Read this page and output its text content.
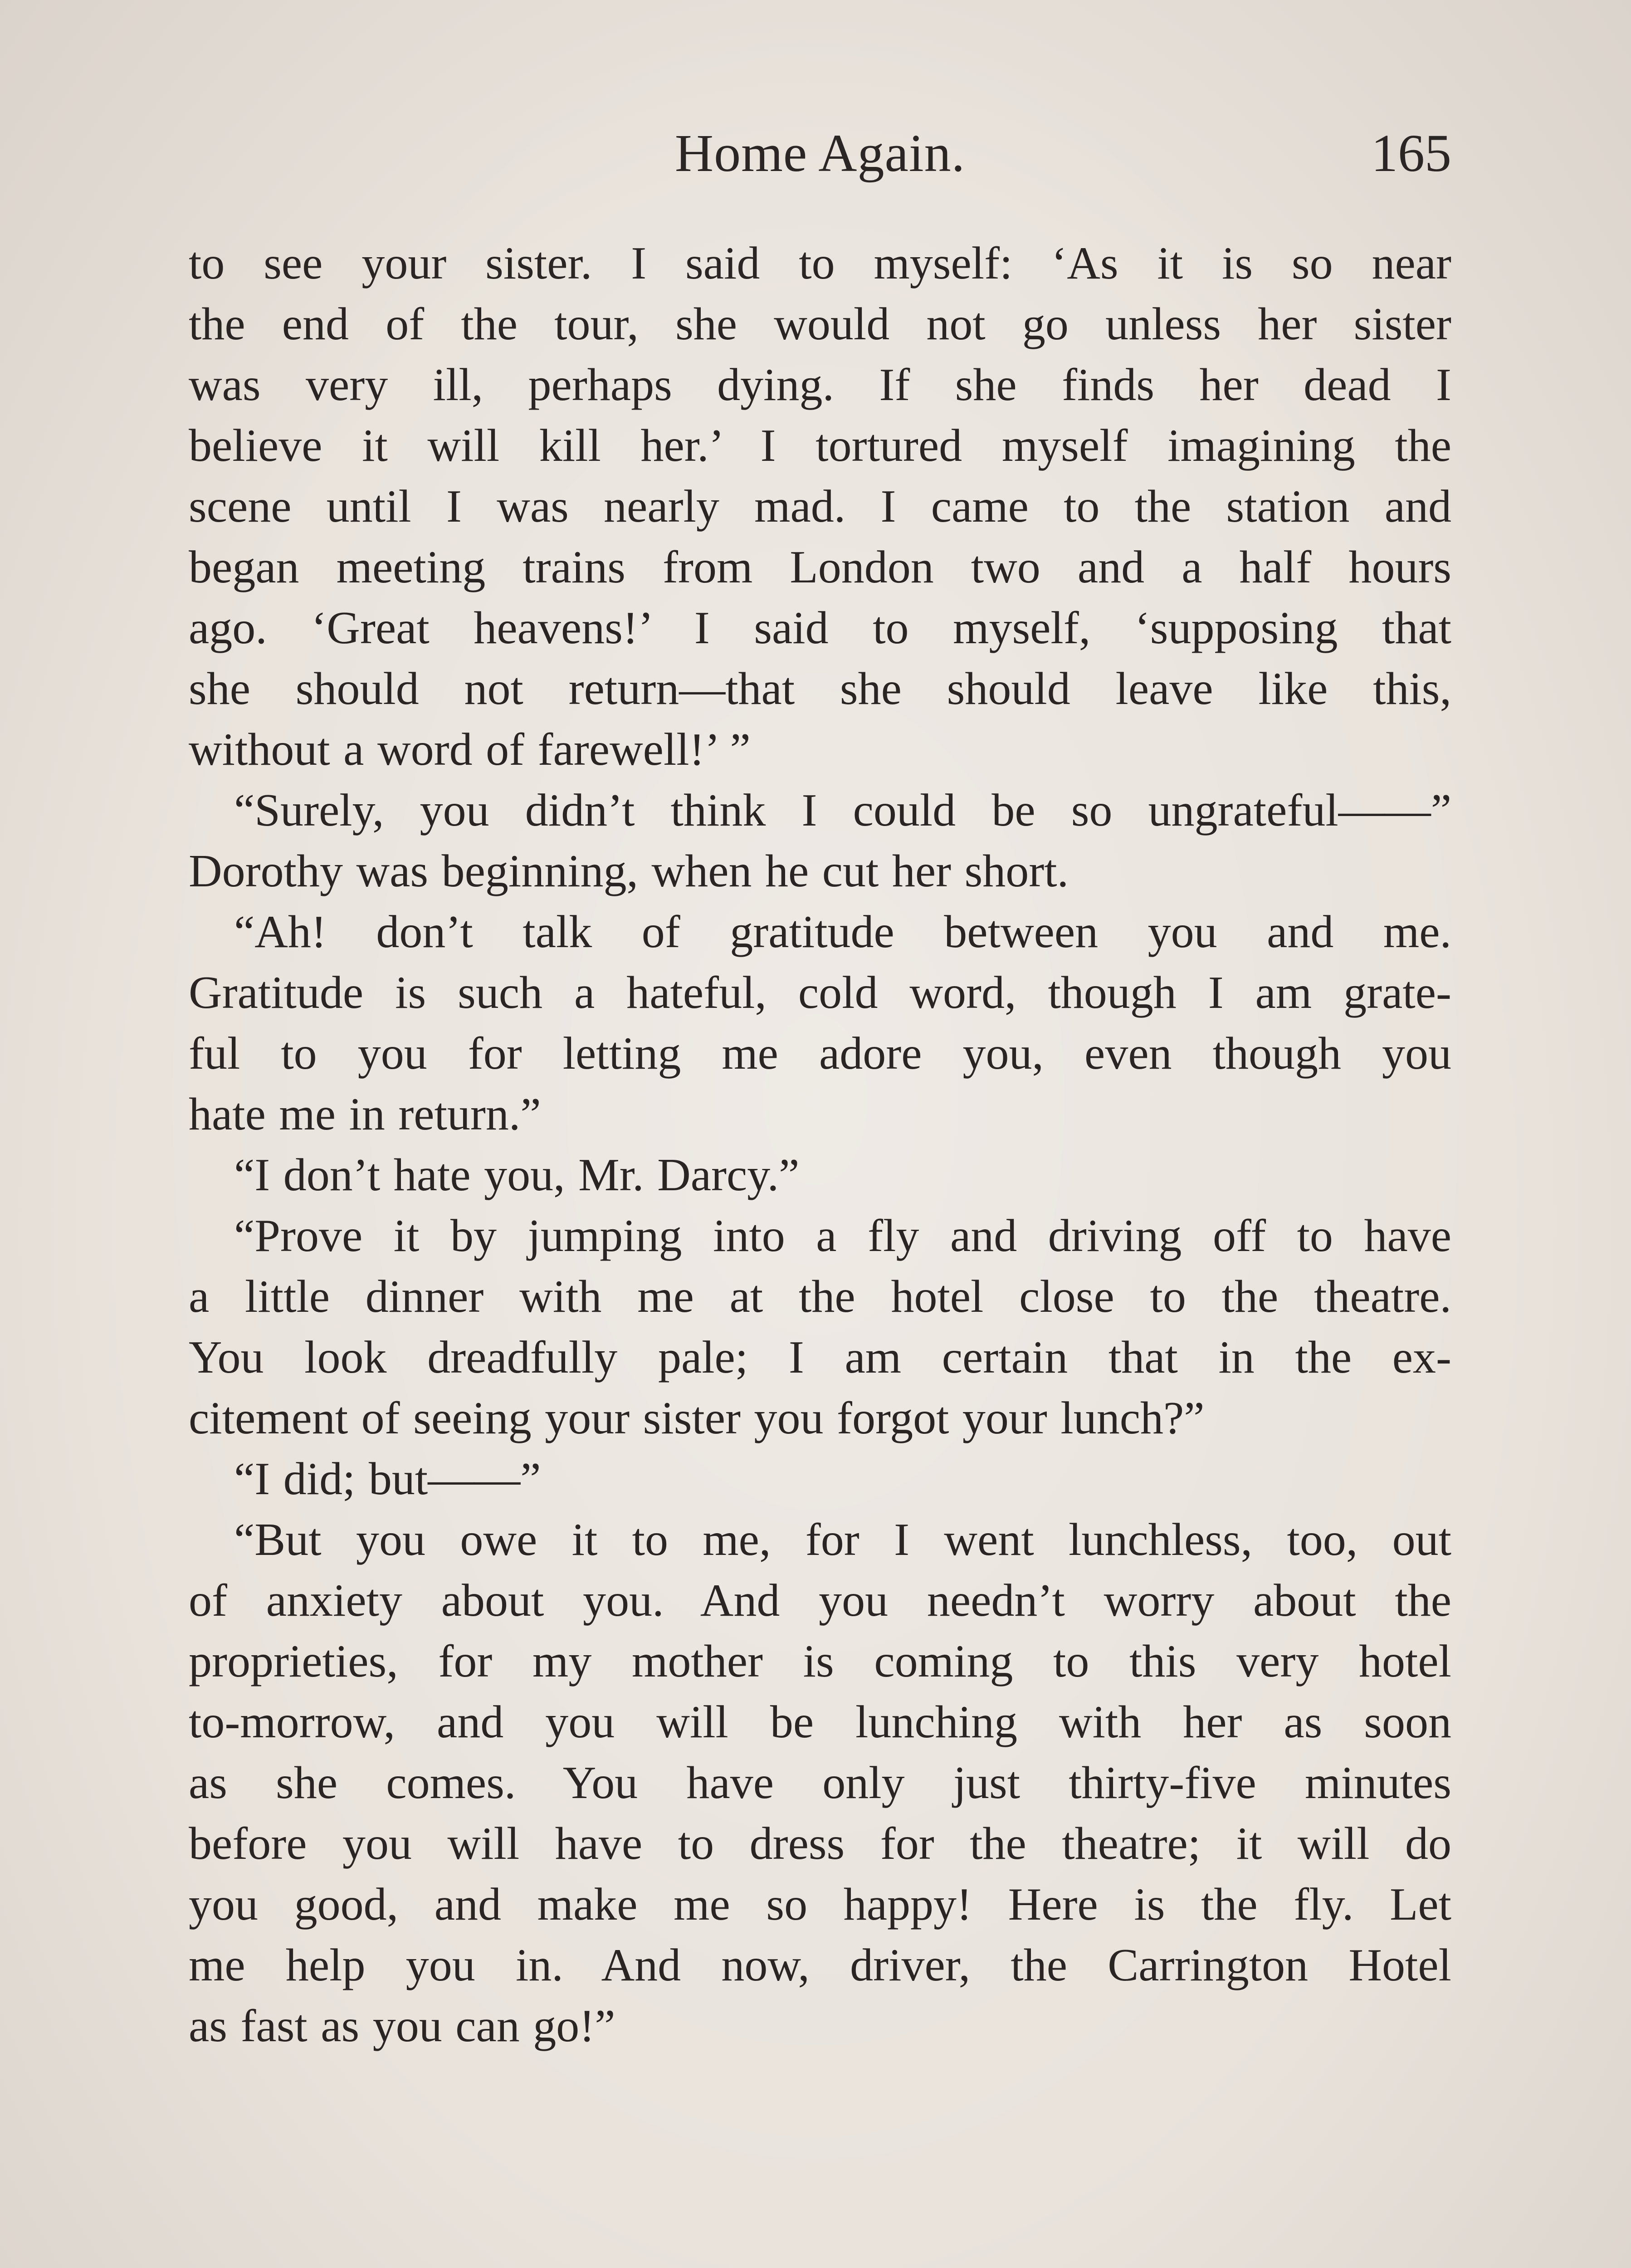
Home Again.	165
to see your sister. I said to myself: ‘As it is so near
the end of the tour, she would not go unless her sister
was very ill, perhaps dying. If she finds her dead I
believe it will kill her.’ I tortured myself imagining the
scene until I was nearly mad. I came to the station and
began meeting trains from London two and a half hours
ago. ‘Great heavens!’ I said to myself, ‘supposing that
she should not return—that she should leave like this,
without a word of farewell!’ ”
“Surely, you didn’t think I could be so ungrateful——”
Dorothy was beginning, when he cut her short.
“Ah! don’t talk of gratitude between you and me.
Gratitude is such a hateful, cold word, though I am grate-
ful to you for letting me adore you, even though you
hate me in return.”
“I don’t hate you, Mr. Darcy.”
“Prove it by jumping into a fly and driving off to have
a little dinner with me at the hotel close to the theatre.
You look dreadfully pale; I am certain that in the ex-
citement of seeing your sister you forgot your lunch?”
“I did; but——”
“But you owe it to me, for I went lunchless, too, out
of anxiety about you. And you needn’t worry about the
proprieties, for my mother is coming to this very hotel
to-morrow, and you will be lunching with her as soon
as she comes. You have only just thirty-five minutes
before you will have to dress for the theatre; it will do
you good, and make me so happy! Here is the fly. Let
me help you in. And now, driver, the Carrington Hotel
as fast as you can go!”
